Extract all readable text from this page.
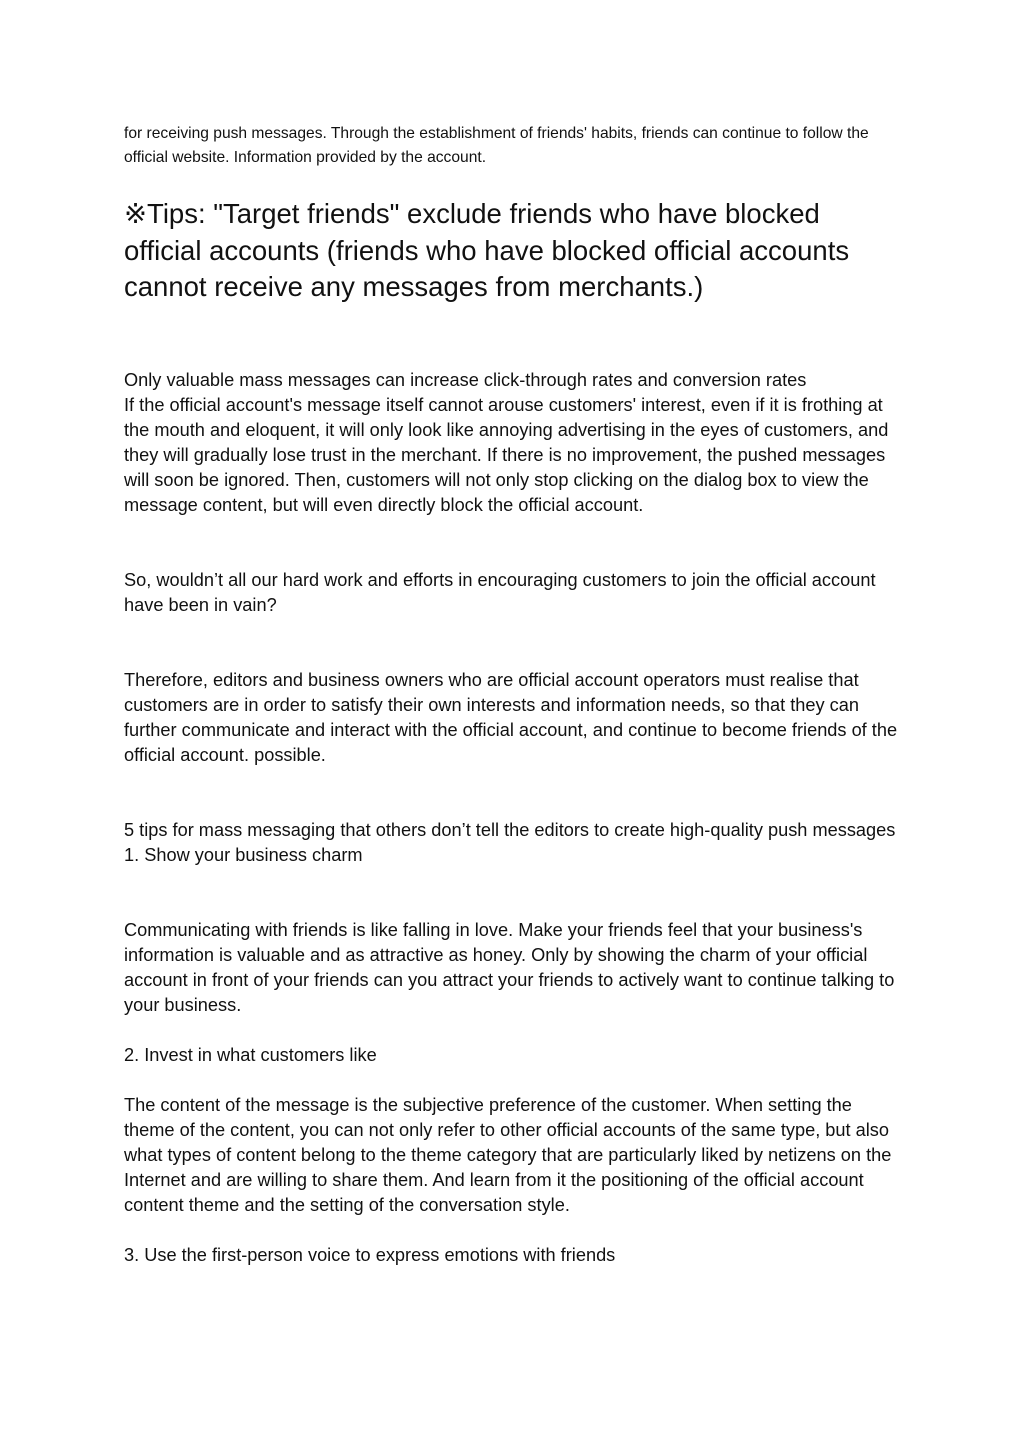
for receiving push messages. Through the establishment of friends' habits, friends can continue to follow the official website. Information provided by the account.

※Tips: "Target friends" exclude friends who have blocked official accounts (friends who have blocked official accounts cannot receive any messages from merchants.)

Only valuable mass messages can increase click-through rates and conversion rates

If the official account's message itself cannot arouse customers' interest, even if it is frothing at the mouth and eloquent, it will only look like annoying advertising in the eyes of customers, and they will gradually lose trust in the merchant. If there is no improvement, the pushed messages will soon be ignored. Then, customers will not only stop clicking on the dialog box to view the message content, but will even directly block the official account.

So, wouldn’t all our hard work and efforts in encouraging customers to join the official account have been in vain?

Therefore, editors and business owners who are official account operators must realise that customers are in order to satisfy their own interests and information needs, so that they can further communicate and interact with the official account, and continue to become friends of the official account. possible.

5 tips for mass messaging that others don’t tell the editors to create high-quality push messages

1. Show your business charm

Communicating with friends is like falling in love. Make your friends feel that your business's information is valuable and as attractive as honey. Only by showing the charm of your official account in front of your friends can you attract your friends to actively want to continue talking to your business.

2. Invest in what customers like

The content of the message is the subjective preference of the customer. When setting the theme of the content, you can not only refer to other official accounts of the same type, but also what types of content belong to the theme category that are particularly liked by netizens on the Internet and are willing to share them. And learn from it the positioning of the official account content theme and the setting of the conversation style.

3. Use the first-person voice to express emotions with friends
